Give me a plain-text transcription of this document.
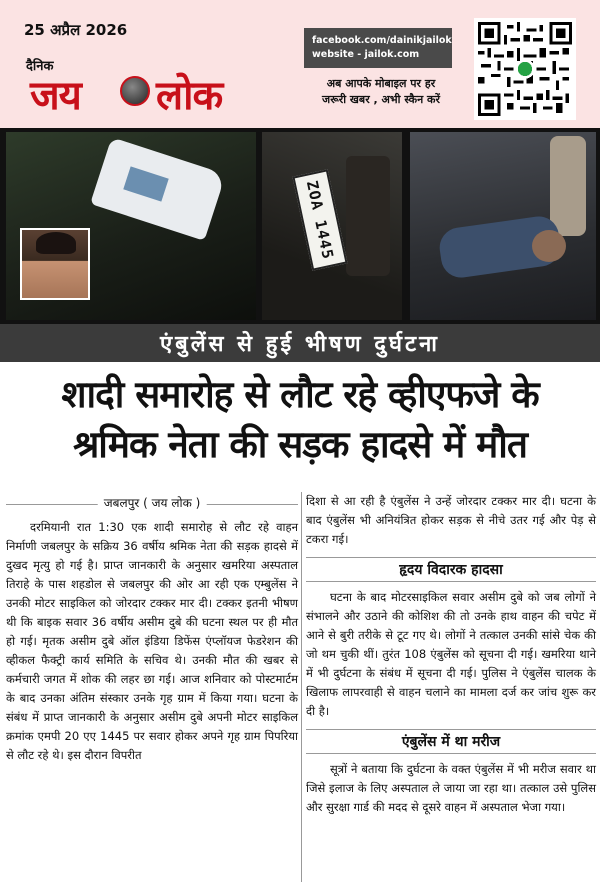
25 अप्रैल 2026
दैनिक
जय लोक
facebook.com/dainikjailok
website - jailok.com
अब आपके मोबाइल पर हर
जरूरी खबर , अभी स्कैन करें
ZOA 1445
एंबुलेंस से हुई भीषण दुर्घटना
शादी समारोह से लौट रहे व्हीएफजे के
श्रमिक नेता की सड़क हादसे में मौत
जबलपुर ( जय लोक )

दरमियानी रात 1:30 एक शादी समारोह से लौट रहे वाहन निर्माणी जबलपुर के सक्रिय 36 वर्षीय श्रमिक नेता की सड़क हादसे में दुखद मृत्यु हो गई है। प्राप्त जानकारी के अनुसार खमरिया अस्पताल तिराहे के पास शहडोल से जबलपुर की ओर आ रही एक एम्बुलेंस ने उनकी मोटर साइकिल को जोरदार टक्कर मार दी। टक्कर इतनी भीषण थी कि बाइक सवार 36 वर्षीय असीम दुबे की घटना स्थल पर ही मौत हो गई। मृतक असीम दुबे ऑल इंडिया डिफेंस एंप्लॉयज फेडरेशन की व्हीकल फैक्ट्री कार्य समिति के सचिव थे। उनकी मौत की खबर से कर्मचारी जगत में शोक की लहर छा गई। आज शनिवार को पोस्टमार्टम के बाद उनका अंतिम संस्कार उनके गृह ग्राम में किया गया। घटना के संबंध में प्राप्त जानकारी के अनुसार असीम दुबे अपनी मोटर साइकिल क्रमांक एमपी 20 एए 1445 पर सवार होकर अपने गृह ग्राम पिपरिया से लौट रहे थे। इस दौरान विपरीत

दिशा से आ रही है एंबुलेंस ने उन्हें जोरदार टक्कर मार दी। घटना के बाद एंबुलेंस भी अनियंत्रित होकर सड़क से नीचे उतर गई और पेड़ से टकरा गई।

हृदय विदारक हादसा

घटना के बाद मोटरसाइकिल सवार असीम दुबे को जब लोगों ने संभालने और उठाने की कोशिश की तो उनके हाथ वाहन की चपेट में आने से बुरी तरीके से टूट गए थे। लोगों ने तत्काल उनकी सांसे चेक की जो थम चुकी थीं। तुरंत 108 एंबुलेंस को सूचना दी गई। खमरिया थाने में भी दुर्घटना के संबंध में सूचना दी गई। पुलिस ने एंबुलेंस चालक के खिलाफ लापरवाही से वाहन चलाने का मामला दर्ज कर जांच शुरू कर दी है।

एंबुलेंस में था मरीज

सूत्रों ने बताया कि दुर्घटना के वक्त एंबुलेंस में भी मरीज सवार था जिसे इलाज के लिए अस्पताल ले जाया जा रहा था। तत्काल उसे पुलिस और सुरक्षा गार्ड की मदद से दूसरे वाहन में अस्पताल भेजा गया।
